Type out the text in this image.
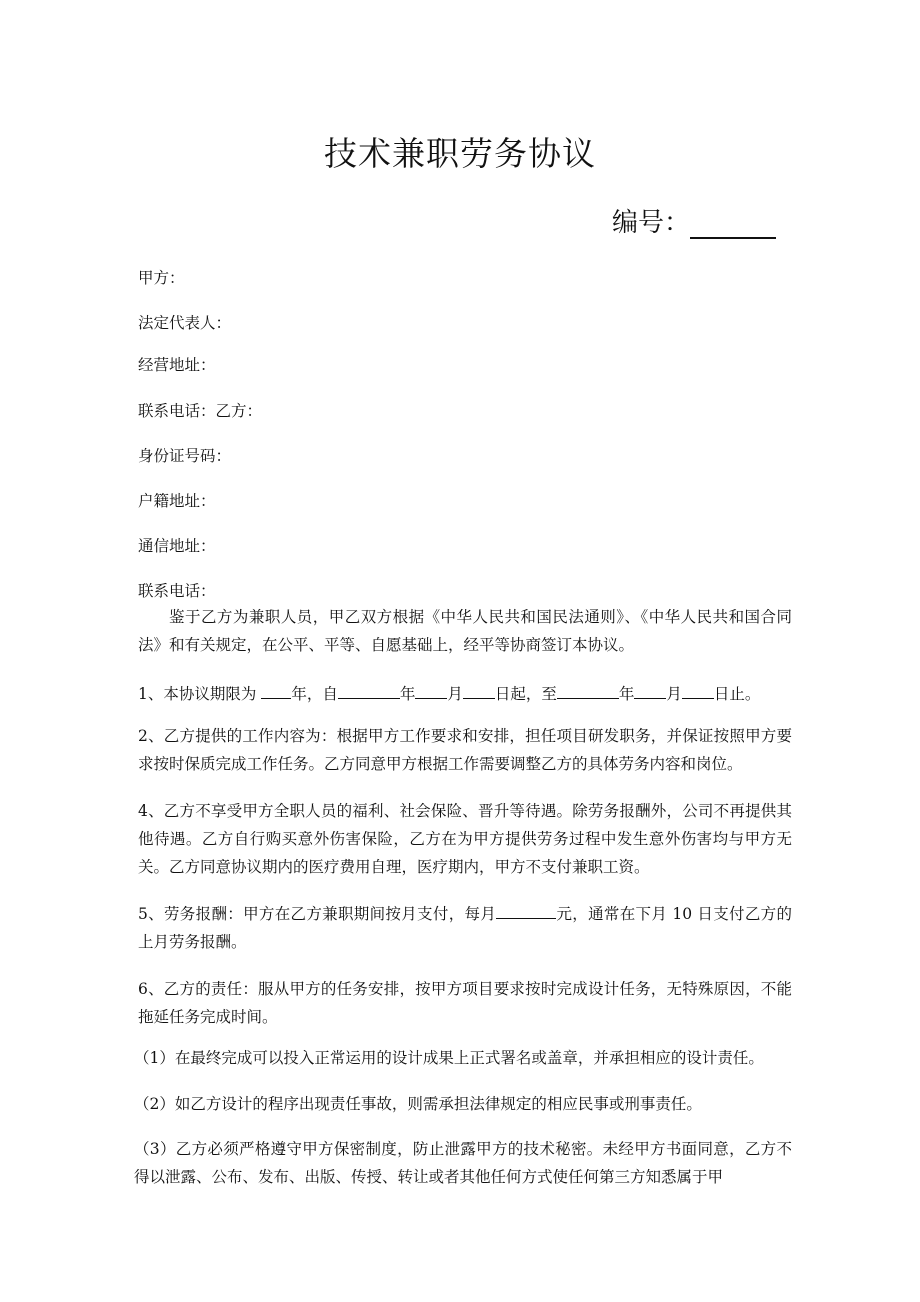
技术兼职劳务协议
编号：
甲方：
法定代表人：
经营地址：
联系电话：乙方：
身份证号码：
户籍地址：
通信地址：
联系电话：
鉴于乙方为兼职人员，甲乙双方根据《中华人民共和国民法通则》、《中华人民共和国合同法》和有关规定，在公平、平等、自愿基础上，经平等协商签订本协议。
1、本协议期限为 年，自	年 月 日起，至	年 月 日止。
2、乙方提供的工作内容为：根据甲方工作要求和安排，担任项目研发职务，并保证按照甲方要求按时保质完成工作任务。乙方同意甲方根据工作需要调整乙方的具体劳务内容和岗位。
4、乙方不享受甲方全职人员的福利、社会保险、晋升等待遇。除劳务报酬外，公司不再提供其他待遇。乙方自行购买意外伤害保险，乙方在为甲方提供劳务过程中发生意外伤害均与甲方无关。乙方同意协议期内的医疗费用自理，医疗期内，甲方不支付兼职工资。
5、劳务报酬：甲方在乙方兼职期间按月支付，每月	元，通常在下月 10 日支付乙方的上月劳务报酬。
6、乙方的责任：服从甲方的任务安排，按甲方项目要求按时完成设计任务，无特殊原因，不能拖延任务完成时间。
（1）在最终完成可以投入正常运用的设计成果上正式署名或盖章，并承担相应的设计责任。
（2）如乙方设计的程序出现责任事故，则需承担法律规定的相应民事或刑事责任。
（3）乙方必须严格遵守甲方保密制度，防止泄露甲方的技术秘密。未经甲方书面同意，乙方不得以泄露、公布、发布、出版、传授、转让或者其他任何方式使任何第三方知悉属于甲
